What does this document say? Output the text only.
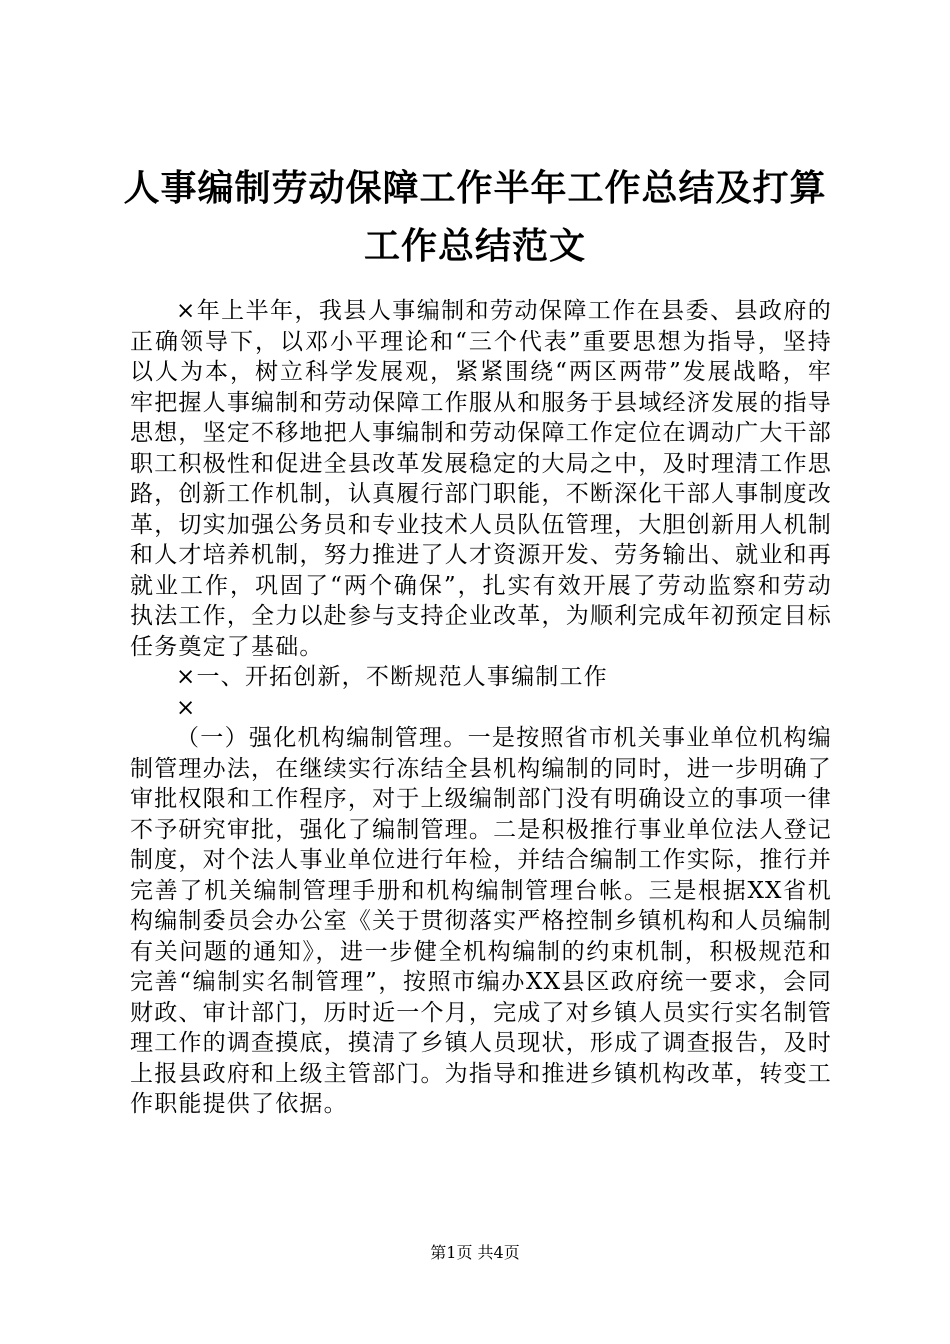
人事编制劳动保障工作半年工作总结及打算工作总结范文

×年上半年，我县人事编制和劳动保障工作在县委、县政府的正确领导下，以邓小平理论和“三个代表”重要思想为指导，坚持以人为本，树立科学发展观，紧紧围绕“两区两带”发展战略，牢牢把握人事编制和劳动保障工作服从和服务于县域经济发展的指导思想，坚定不移地把人事编制和劳动保障工作定位在调动广大干部职工积极性和促进全县改革发展稳定的大局之中，及时理清工作思路，创新工作机制，认真履行部门职能，不断深化干部人事制度改革，切实加强公务员和专业技术人员队伍管理，大胆创新用人机制和人才培养机制，努力推进了人才资源开发、劳务输出、就业和再就业工作，巩固了“两个确保”，扎实有效开展了劳动监察和劳动执法工作，全力以赴参与支持企业改革，为顺利完成年初预定目标任务奠定了基础。

×一、开拓创新，不断规范人事编制工作

×

（一）强化机构编制管理。一是按照省市机关事业单位机构编制管理办法，在继续实行冻结全县机构编制的同时，进一步明确了审批权限和工作程序，对于上级编制部门没有明确设立的事项一律不予研究审批，强化了编制管理。二是积极推行事业单位法人登记制度，对个法人事业单位进行年检，并结合编制工作实际，推行并完善了机关编制管理手册和机构编制管理台帐。三是根据XX省机构编制委员会办公室《关于贯彻落实严格控制乡镇机构和人员编制有关问题的通知》，进一步健全机构编制的约束机制，积极规范和完善“编制实名制管理”，按照市编办XX县区政府统一要求，会同财政、审计部门，历时近一个月，完成了对乡镇人员实行实名制管理工作的调查摸底，摸清了乡镇人员现状，形成了调查报告，及时上报县政府和上级主管部门。为指导和推进乡镇机构改革，转变工作职能提供了依据。

第1页 共4页
